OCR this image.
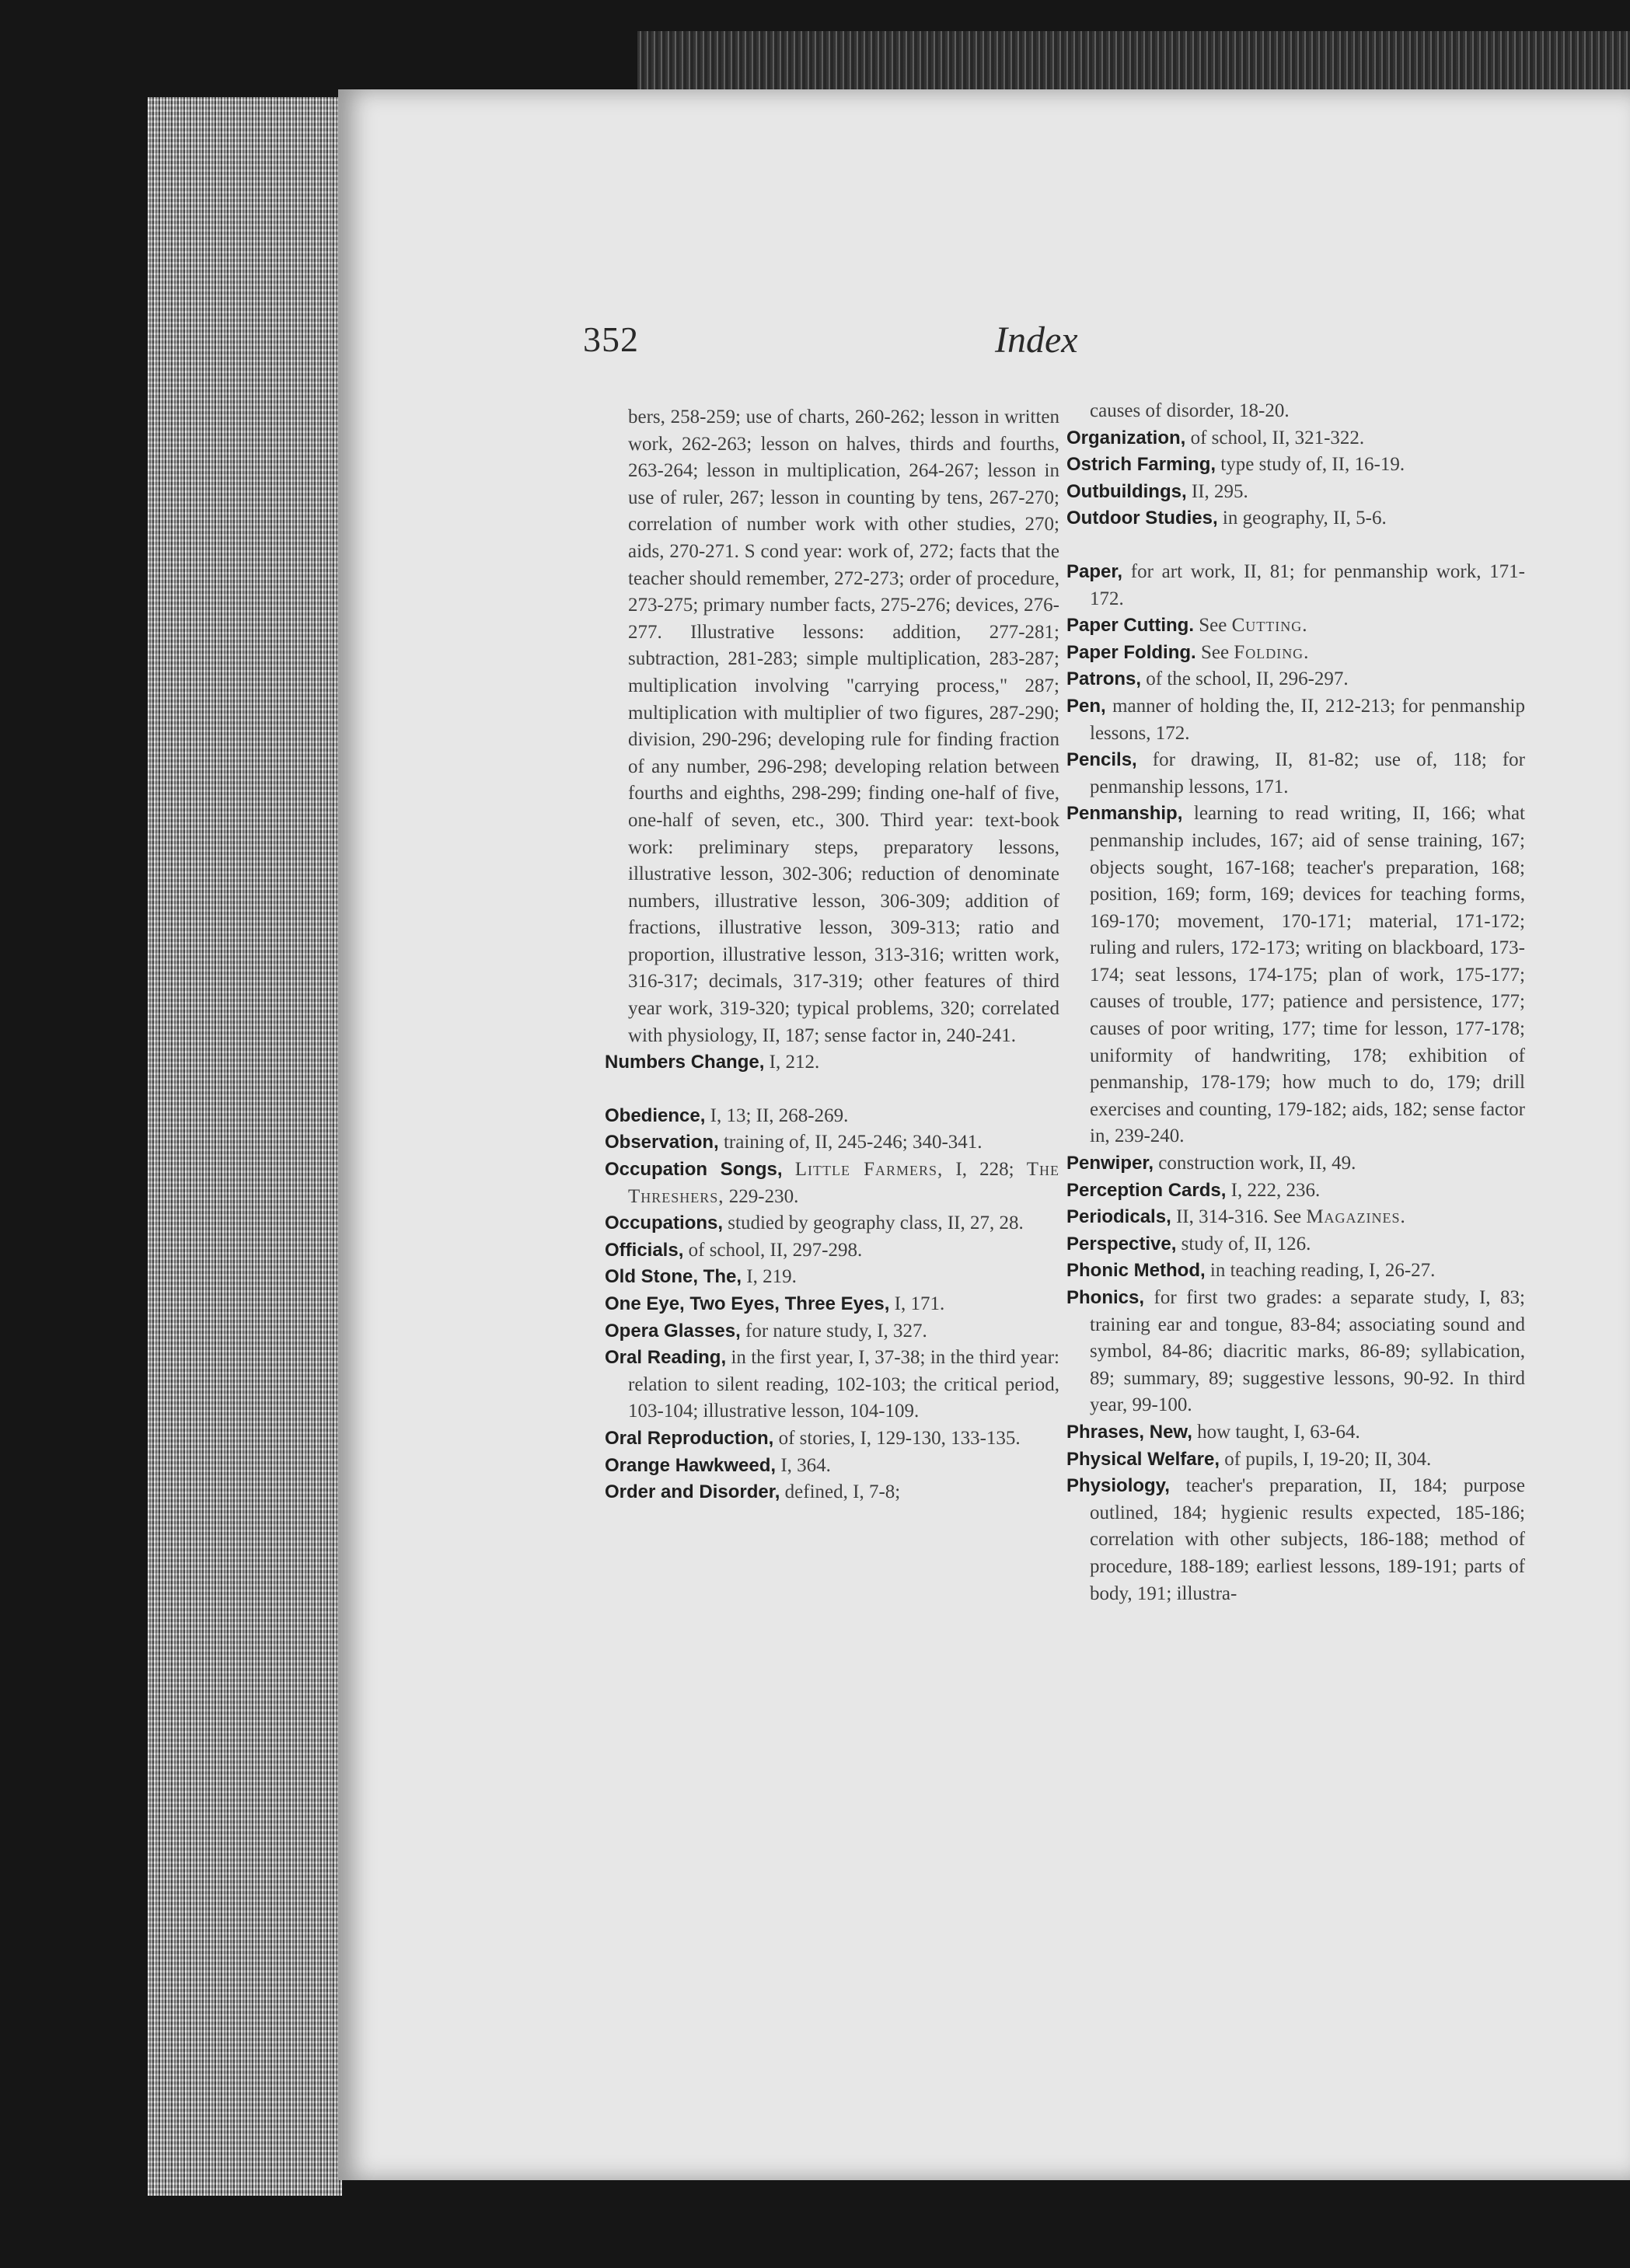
352	Index

bers, 258-259; use of charts, 260-262; lesson in written work, 262-263; lesson on halves, thirds and fourths, 263-264; lesson in multiplication, 264-267; lesson in use of ruler, 267; lesson in counting by tens, 267-270; correlation of number work with other studies, 270; aids, 270-271. S cond year: work of, 272; facts that the teacher should remember, 272-273; order of procedure, 273-275; primary number facts, 275-276; devices, 276-277. Illustrative lessons: addition, 277-281; subtraction, 281-283; simple multiplication, 283-287; multiplication involving "carrying process," 287; multiplication with multiplier of two figures, 287-290; division, 290-296; developing rule for finding fraction of any number, 296-298; developing relation between fourths and eighths, 298-299; finding one-half of five, one-half of seven, etc., 300. Third year: text-book work: preliminary steps, preparatory lessons, illustrative lesson, 302-306; reduction of denominate numbers, illustrative lesson, 306-309; addition of fractions, illustrative lesson, 309-313; ratio and proportion, illustrative lesson, 313-316; written work, 316-317; decimals, 317-319; other features of third year work, 319-320; typical problems, 320; correlated with physiology, II, 187; sense factor in, 240-241.

Numbers Change, I, 212.

Obedience, I, 13; II, 268-269.

Observation, training of, II, 245-246; 340-341.

Occupation Songs, Little Farmers, I, 228; The Threshers, 229-230.

Occupations, studied by geography class, II, 27, 28.

Officials, of school, II, 297-298.

Old Stone, The, I, 219.

One Eye, Two Eyes, Three Eyes, I, 171.

Opera Glasses, for nature study, I, 327.

Oral Reading, in the first year, I, 37-38; in the third year: relation to silent reading, 102-103; the critical period, 103-104; illustrative lesson, 104-109.

Oral Reproduction, of stories, I, 129-130, 133-135.

Orange Hawkweed, I, 364.

Order and Disorder, defined, I, 7-8;

causes of disorder, 18-20.

Organization, of school, II, 321-322.

Ostrich Farming, type study of, II, 16-19.

Outbuildings, II, 295.

Outdoor Studies, in geography, II, 5-6.

Paper, for art work, II, 81; for penmanship work, 171-172.

Paper Cutting. See Cutting.

Paper Folding. See Folding.

Patrons, of the school, II, 296-297.

Pen, manner of holding the, II, 212-213; for penmanship lessons, 172.

Pencils, for drawing, II, 81-82; use of, 118; for penmanship lessons, 171.

Penmanship, learning to read writing, II, 166; what penmanship includes, 167; aid of sense training, 167; objects sought, 167-168; teacher's preparation, 168; position, 169; form, 169; devices for teaching forms, 169-170; movement, 170-171; material, 171-172; ruling and rulers, 172-173; writing on blackboard, 173-174; seat lessons, 174-175; plan of work, 175-177; causes of trouble, 177; patience and persistence, 177; causes of poor writing, 177; time for lesson, 177-178; uniformity of handwriting, 178; exhibition of penmanship, 178-179; how much to do, 179; drill exercises and counting, 179-182; aids, 182; sense factor in, 239-240.

Penwiper, construction work, II, 49.

Perception Cards, I, 222, 236.

Periodicals, II, 314-316. See Magazines.

Perspective, study of, II, 126.

Phonic Method, in teaching reading, I, 26-27.

Phonics, for first two grades: a separate study, I, 83; training ear and tongue, 83-84; associating sound and symbol, 84-86; diacritic marks, 86-89; syllabication, 89; summary, 89; suggestive lessons, 90-92. In third year, 99-100.

Phrases, New, how taught, I, 63-64.

Physical Welfare, of pupils, I, 19-20; II, 304.

Physiology, teacher's preparation, II, 184; purpose outlined, 184; hygienic results expected, 185-186; correlation with other subjects, 186-188; method of procedure, 188-189; earliest lessons, 189-191; parts of body, 191; illustra-
